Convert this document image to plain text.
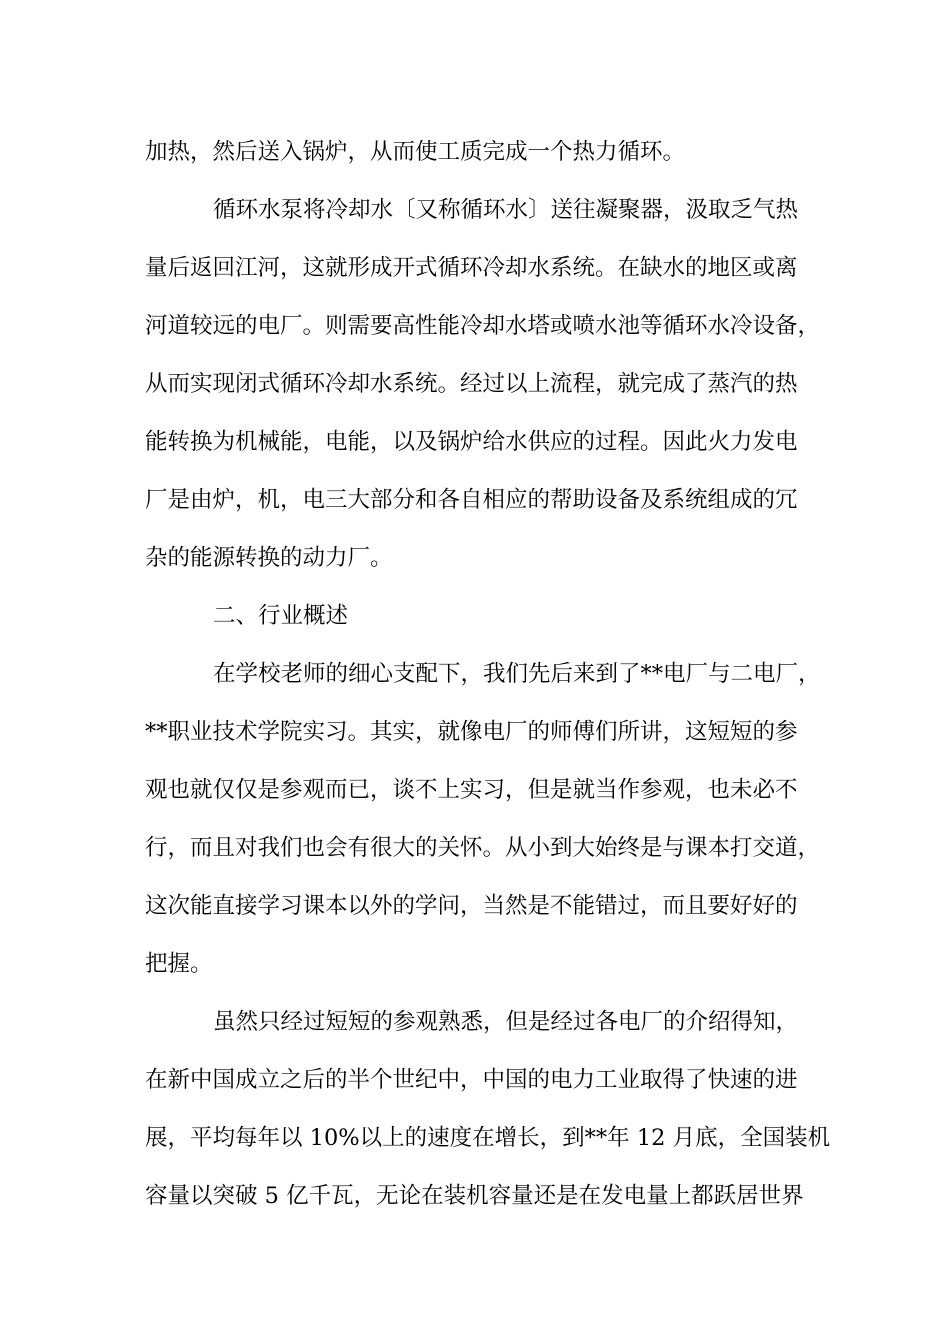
加热，然后送入锅炉，从而使工质完成一个热力循环。
循环水泵将冷却水〔又称循环水〕送往凝聚器，汲取乏气热
量后返回江河，这就形成开式循环冷却水系统。在缺水的地区或离
河道较远的电厂。则需要高性能冷却水塔或喷水池等循环水冷设备，
从而实现闭式循环冷却水系统。经过以上流程，就完成了蒸汽的热
能转换为机械能，电能，以及锅炉给水供应的过程。因此火力发电
厂是由炉，机，电三大部分和各自相应的帮助设备及系统组成的冗
杂的能源转换的动力厂。
二、行业概述
在学校老师的细心支配下，我们先后来到了**电厂与二电厂，
**职业技术学院实习。其实，就像电厂的师傅们所讲，这短短的参
观也就仅仅是参观而已，谈不上实习，但是就当作参观，也未必不
行，而且对我们也会有很大的关怀。从小到大始终是与课本打交道，
这次能直接学习课本以外的学问，当然是不能错过，而且要好好的
把握。
虽然只经过短短的参观熟悉，但是经过各电厂的介绍得知，
在新中国成立之后的半个世纪中，中国的电力工业取得了快速的进
展，平均每年以 10%以上的速度在增长，到**年 12 月底，全国装机
容量以突破 5 亿千瓦，无论在装机容量还是在发电量上都跃居世界
